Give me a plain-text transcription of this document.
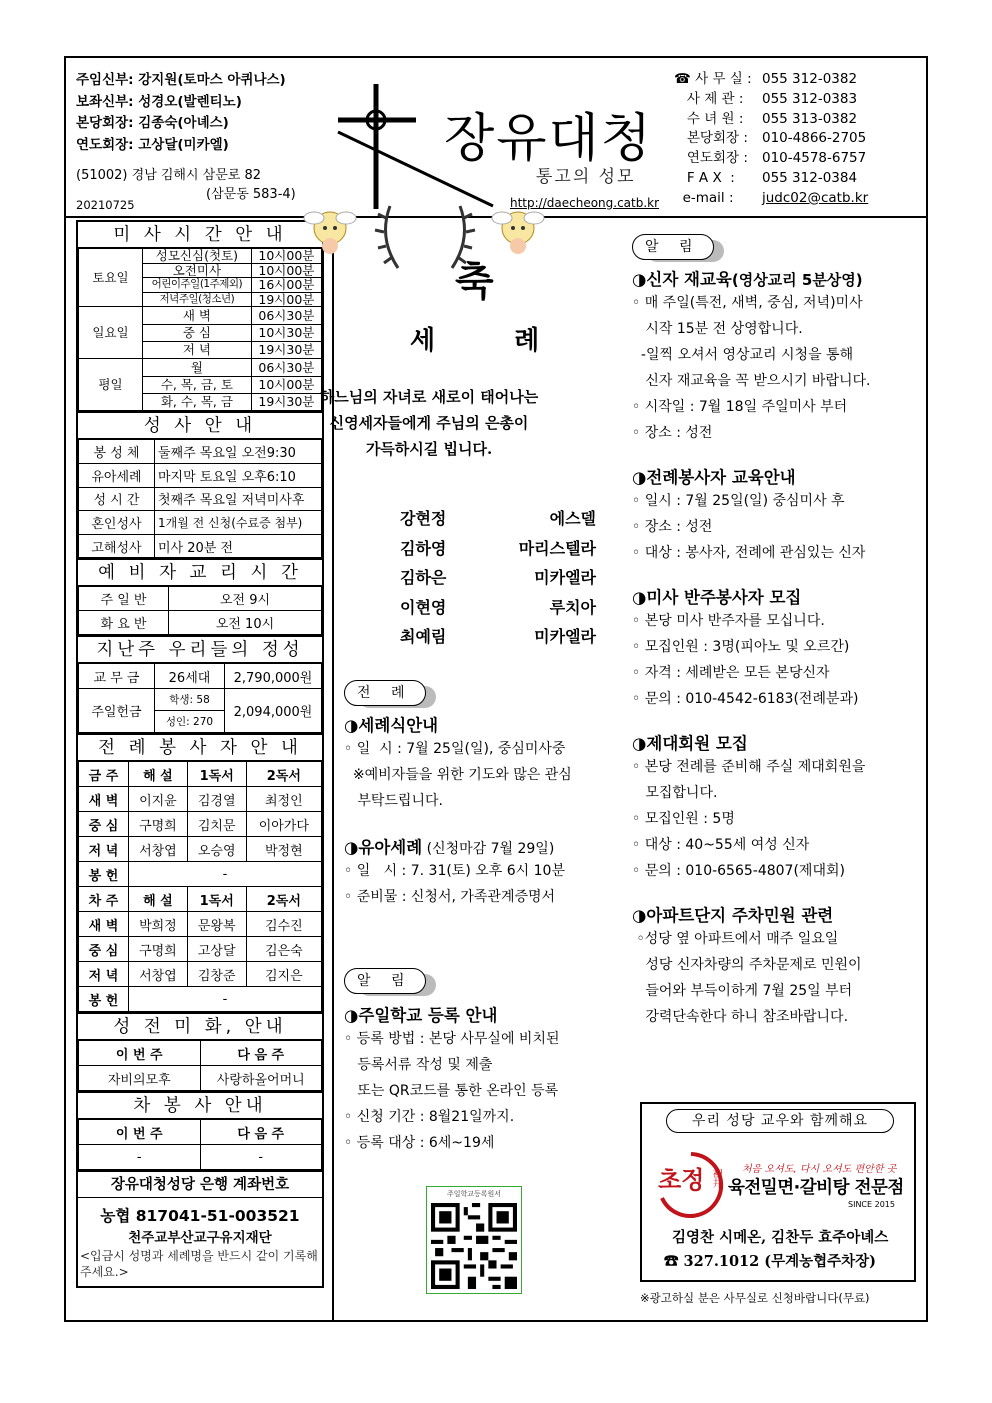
주임신부: 강지원(토마스 아퀴나스)
보좌신부: 성경오(발렌티노)
본당회장: 김종숙(아녜스)
연도회장: 고상달(미카엘)
(51002) 경남 김해시 삼문로 82
(삼문동 583-4)
20210725
장유대청
통고의 성모
http://daecheong.catb.kr
☎ 사 무 실 : 055 312-0382
사 제 관 :	055 312-0383
수 녀 원 :	055 313-0382
본당회장 :	010-4866-2705
연도회장 :	010-4578-6757
F A X  :	055 312-0384
e-mail :	judc02@catb.kr
미 사 시 간 안 내
토요일	성모신심(첫토)	10시00분
	오전미사	10시00분
	어린이주일(1주제외)	16시00분
	저녁주일(청소년)	19시00분
일요일	새 벽	06시30분
	중 심	10시30분
	저 녁	19시30분
평일	월	06시30분
	수, 목, 금, 토	10시00분
	화, 수, 목, 금	19시30분
성 사 안 내
봉 성 체	둘째주 목요일 오전9:30
유아세례	마지막 토요일 오후6:10
성 시 간	첫째주 목요일 저녁미사후
혼인성사	1개월 전 신청(수료증 첨부)
고해성사	미사 20분 전
예 비 자 교 리 시 간
주 일 반	오전 9시
화 요 반	오전 10시
지난주 우리들의 정성
교 무 금	26세대	2,790,000원
주일헌금	학생: 58	2,094,000원
	성인: 270	
전 례 봉 사 자 안 내
금 주	해 설	1독서	2독서
새 벽	이지윤	김경열	최정인
중 심	구명희	김치문	이아가다
저 녁	서창엽	오승영	박정현
봉 헌	-		
차 주	해 설	1독서	2독서
새 벽	박희정	문왕복	김수진
중 심	구명희	고상달	김은숙
저 녁	서창엽	김창준	김지은
봉 헌	-		
성 전 미 화, 안내
이 번 주	다 음 주
자비의모후	사랑하올어머니
차 봉 사 안내
이 번 주	다 음 주
-	-
장유대청성당 은행 계좌번호
농협 817041-51-003521
천주교부산교구유지재단
<입금시 성명과 세례명을 반드시 같이 기록해 주세요.>
축
세 례
하느님의 자녀로 새로이 태어나는
신영세자들에게 주님의 은총이
가득하시길 빕니다.
강현정	에스델
김하영	마리스텔라
김하은	미카엘라
이현영	루치아
최예림	미카엘라
전 례
◑세례식안내
◦ 일  시 : 7월 25일(일), 중심미사중
※예비자들을 위한 기도와 많은 관심
부탁드립니다.
◑유아세례 (신청마감 7월 29일)
◦ 일   시 : 7. 31(토) 오후 6시 10분
◦ 준비물 : 신청서, 가족관계증명서
알 림
◑주일학교 등록 안내
◦ 등록 방법 : 본당 사무실에 비치된
등록서류 작성 및 제출
또는 QR코드를 통한 온라인 등록
◦ 신청 기간 : 8월21일까지.
◦ 등록 대상 : 6세~19세
주일학교등록원서
알 림
◑신자 재교육(영상교리 5분상영)
◦ 매 주일(특전, 새벽, 중심, 저녁)미사
시작 15분 전 상영합니다.
-일찍 오셔서 영상교리 시청을 통해
신자 재교육을 꼭 받으시기 바랍니다.
◦ 시작일 : 7월 18일 주일미사 부터
◦ 장소 : 성전
◑전례봉사자 교육안내
◦ 일시 : 7월 25일(일) 중심미사 후
◦ 장소 : 성전
◦ 대상 : 봉사자, 전례에 관심있는 신자
◑미사 반주봉사자 모집
◦ 본당 미사 반주자를 모십니다.
◦ 모집인원 : 3명(피아노 및 오르간)
◦ 자격 : 세례받은 모든 본당신자
◦ 문의 : 010-4542-6183(전례분과)
◑제대회원 모집
◦ 본당 전례를 준비해 주실 제대회원을
모집합니다.
◦ 모집인원 : 5명
◦ 대상 : 40~55세 여성 신자
◦ 문의 : 010-6565-4807(제대회)
◑아파트단지 주차민원 관련
◦성당 옆 아파트에서 매주 일요일
성당 신자차량의 주차문제로 민원이
들어와 부득이하게 7월 25일 부터
강력단속한다 하니 참조바랍니다.
우리 성당 교우와 함께해요
초정 初井 처음 오셔도, 다시 오셔도 편안한 곳
육전밀면·갈비탕 전문점
SINCE 2015
김영찬 시메온, 김찬두 효주아녜스
☎ 327.1012 (무계농협주차장)
※광고하실 분은 사무실로 신청바랍니다(무료)
